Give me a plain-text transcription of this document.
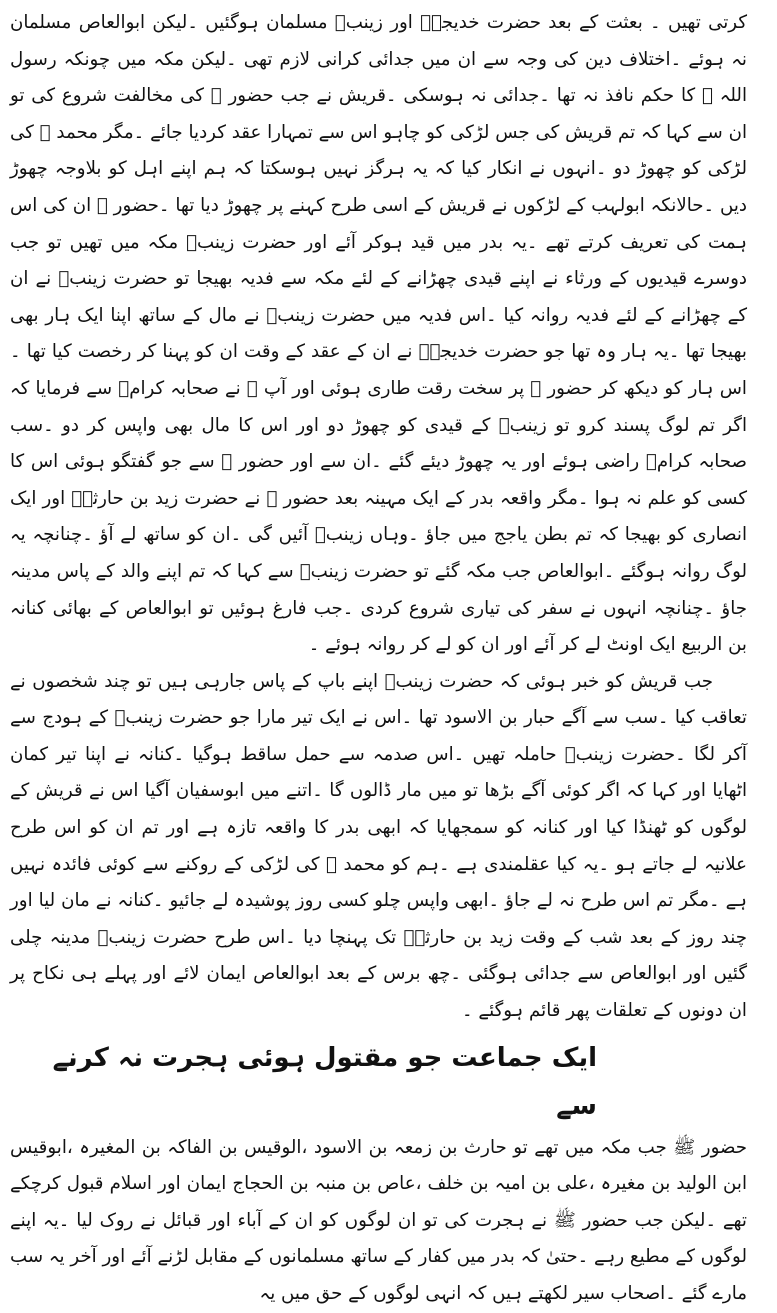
کرتی تھیں ۔ بعثت کے بعد حضرت خدیجہؓ اور زینبؓ مسلمان ہوگئیں ۔لیکن ابوالعاص مسلمان نہ ہوئے ۔اختلاف دین کی وجہ سے ان میں جدائی کرانی لازم تھی ۔لیکن مکہ میں چونکہ رسول اللہ ﷺ کا حکم نافذ نہ تھا ۔جدائی نہ ہوسکی ۔قریش نے جب حضور ﷺ کی مخالفت شروع کی تو ان سے کہا کہ تم قریش کی جس لڑکی کو چاہو اس سے تمہارا عقد کردیا جائے ۔مگر محمد ﷺ کی لڑکی کو چھوڑ دو ۔انہوں نے انکار کیا کہ یہ ہرگز نہیں ہوسکتا کہ ہم اپنے اہل کو بلاوجہ چھوڑ دیں ۔حالانکہ ابولہب کے لڑکوں نے قریش کے اسی طرح کہنے پر چھوڑ دیا تھا ۔حضور ﷺ ان کی اس ہمت کی تعریف کرتے تھے ۔یہ بدر میں قید ہوکر آئے اور حضرت زینبؓ مکہ میں تھیں تو جب دوسرے قیدیوں کے ورثاء نے اپنے قیدی چھڑانے کے لئے مکہ سے فدیہ بھیجا تو حضرت زینبؓ نے ان کے چھڑانے کے لئے فدیہ روانہ کیا ۔اس فدیہ میں حضرت زینبؓ نے مال کے ساتھ اپنا ایک ہار بھی بھیجا تھا ۔یہ ہار وہ تھا جو حضرت خدیجہؓ نے ان کے عقد کے وقت ان کو پہنا کر رخصت کیا تھا ۔اس ہار کو دیکھ کر حضور ﷺ پر سخت رقت طاری ہوئی اور آپ ﷺ نے صحابہ کرامؓ سے فرمایا کہ اگر تم لوگ پسند کرو تو زینبؓ کے قیدی کو چھوڑ دو اور اس کا مال بھی واپس کر دو ۔سب صحابہ کرامؓ راضی ہوئے اور یہ چھوڑ دیئے گئے ۔ان سے اور حضور ﷺ سے جو گفتگو ہوئی اس کا کسی کو علم نہ ہوا ۔مگر واقعہ بدر کے ایک مہینہ بعد حضور ﷺ نے حضرت زید بن حارثہؓ اور ایک انصاری کو بھیجا کہ تم بطن یاجج میں جاؤ ۔وہاں زینبؓ آئیں گی ۔ان کو ساتھ لے آؤ ۔چنانچہ یہ لوگ روانہ ہوگئے ۔ابوالعاص جب مکہ گئے تو حضرت زینبؓ سے کہا کہ تم اپنے والد کے پاس مدینہ جاؤ ۔چنانچہ انہوں نے سفر کی تیاری شروع کردی ۔جب فارغ ہوئیں تو ابوالعاص کے بھائی کنانہ بن الربیع ایک اونٹ لے کر آئے اور ان کو لے کر روانہ ہوئے ۔

جب قریش کو خبر ہوئی کہ حضرت زینبؓ اپنے باپ کے پاس جارہی ہیں تو چند شخصوں نے تعاقب کیا ۔سب سے آگے حبار بن الاسود تھا ۔اس نے ایک تیر مارا جو حضرت زینبؓ کے ہودج سے آکر لگا ۔حضرت زینبؓ حاملہ تھیں ۔اس صدمہ سے حمل ساقط ہوگیا ۔کنانہ نے اپنا تیر کمان اٹھایا اور کہا کہ اگر کوئی آگے بڑھا تو میں مار ڈالوں گا ۔اتنے میں ابوسفیان آگیا اس نے قریش کے لوگوں کو ٹھنڈا کیا اور کنانہ کو سمجھایا کہ ابھی بدر کا واقعہ تازہ ہے اور تم ان کو اس طرح علانیہ لے جاتے ہو ۔یہ کیا عقلمندی ہے ۔ہم کو محمد ﷺ کی لڑکی کے روکنے سے کوئی فائدہ نہیں ہے ۔مگر تم اس طرح نہ لے جاؤ ۔ابھی واپس چلو کسی روز پوشیدہ لے جائیو ۔کنانہ نے مان لیا اور چند روز کے بعد شب کے وقت زید بن حارثہؓ تک پہنچا دیا ۔اس طرح حضرت زینبؓ مدینہ چلی گئیں اور ابوالعاص سے جدائی ہوگئی ۔چھ برس کے بعد ابوالعاص ایمان لائے اور پہلے ہی نکاح پر ان دونوں کے تعلقات پھر قائم ہوگئے ۔

ایک جماعت جو مقتول ہوئی ہجرت نہ کرنے سے

حضور ﷺ جب مکہ میں تھے تو حارث بن زمعہ بن الاسود ،الوقیس بن الفاکہ بن المغیرہ ،ابوقیس ابن الولید بن مغیرہ ،علی بن امیہ بن خلف ،عاص بن منبہ بن الحجاج ایمان اور اسلام قبول کرچکے تھے ۔لیکن جب حضور ﷺ نے ہجرت کی تو ان لوگوں کو ان کے آباء اور قبائل نے روک لیا ۔یہ اپنے لوگوں کے مطیع رہے ۔حتیٰ کہ بدر میں کفار کے ساتھ مسلمانوں کے مقابل لڑنے آئے اور آخر یہ سب مارے گئے ۔اصحاب سیر لکھتے ہیں کہ انہی لوگوں کے حق میں یہ
